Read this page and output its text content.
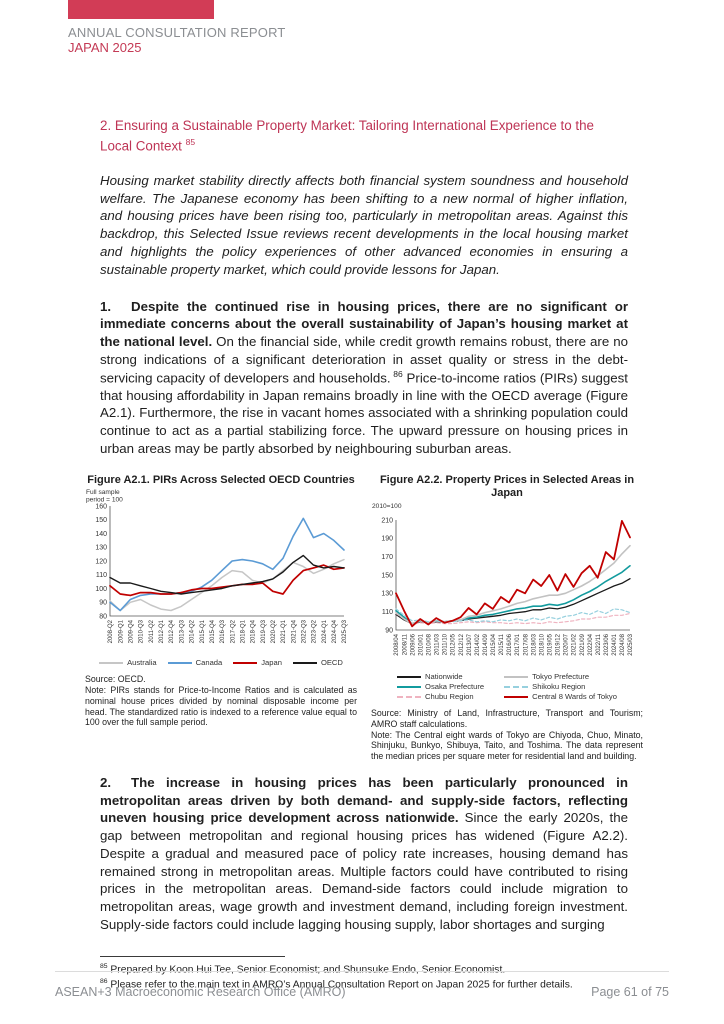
ANNUAL CONSULTATION REPORT
JAPAN 2025
2. Ensuring a Sustainable Property Market: Tailoring International Experience to the Local Context $^{85}$

Housing market stability directly affects both financial system soundness and household welfare. The Japanese economy has been shifting to a new normal of higher inflation, and housing prices have been rising too, particularly in metropolitan areas. Against this backdrop, this Selected Issue reviews recent developments in the local housing market and highlights the policy experiences of other advanced economies in ensuring a sustainable property market, which could provide lessons for Japan.

1.  Despite the continued rise in housing prices, there are no significant or immediate concerns about the overall sustainability of Japan’s housing market at the national level. On the financial side, while credit growth remains robust, there are no strong indications of a significant deterioration in asset quality or stress in the debt-servicing capacity of developers and households. $^{86}$ Price-to-income ratios (PIRs) suggest that housing affordability in Japan remains broadly in line with the OECD average (Figure A2.1). Furthermore, the rise in vacant homes associated with a shrinking population could continue to act as a partial stabilizing force. The upward pressure on housing prices in urban areas may be partly absorbed by neighbouring suburban areas.

Figure A2.1. PIRs Across Selected OECD Countries
Full sample
period = 100
80
90
100
110
120
130
140
150
160
2008-Q2 2009-Q1 2009-Q4 2010-Q3 2011-Q2 2012-Q1 2012-Q4 2013-Q3 2014-Q2 2015-Q1 2015-Q4 2016-Q3 2017-Q2 2018-Q1 2018-Q4 2019-Q3 2020-Q2 2021-Q1 2021-Q4 2022-Q3 2023-Q2 2024-Q1 2024-Q4 2025-Q3
Australia	Canada	Japan	OECD
Source: OECD.
Note: PIRs stands for Price-to-Income Ratios and is calculated as nominal house prices divided by nominal disposable income per head. The standardized ratio is indexed to a reference value equal to 100 over the full sample period.
Figure A2.2. Property Prices in Selected Areas in Japan
2010=100
90
110
130
150
170
190
210
2008/04 2008/11 2009/06 2010/01 2010/08 2011/03 2011/10 2012/05 2012/12 2013/07 2014/02 2014/09 2015/04 2015/11 2016/06 2017/01 2017/08 2018/03 2018/10 2019/05 2019/12 2020/07 2021/02 2021/09 2022/04 2022/11 2023/06 2024/01 2024/08 2025/03
Nationwide
Osaka Prefecture
Chubu Region
Tokyo Prefecture
Shikoku Region
Central 8 Wards of Tokyo
Source: Ministry of Land, Infrastructure, Transport and Tourism; AMRO staff calculations.
Note: The Central eight wards of Tokyo are Chiyoda, Chuo, Minato, Shinjuku, Bunkyo, Shibuya, Taito, and Toshima. The data represent the median prices per square meter for residential land and building.

2.  The increase in housing prices has been particularly pronounced in metropolitan areas driven by both demand- and supply-side factors, reflecting uneven housing price development across nationwide. Since the early 2020s, the gap between metropolitan and regional housing prices has widened (Figure A2.2). Despite a gradual and measured pace of policy rate increases, housing demand has remained strong in metropolitan areas. Multiple factors could have contributed to rising prices in the metropolitan areas. Demand-side factors could include migration to metropolitan areas, wage growth and investment demand, including foreign investment. Supply-side factors could include lagging housing supply, labor shortages and surging

$^{85}$ Prepared by Koon Hui Tee, Senior Economist; and Shunsuke Endo, Senior Economist.
$^{86}$ Please refer to the main text in AMRO’s Annual Consultation Report on Japan 2025 for further details.
ASEAN+3 Macroeconomic Research Office (AMRO)	Page 61 of 75
